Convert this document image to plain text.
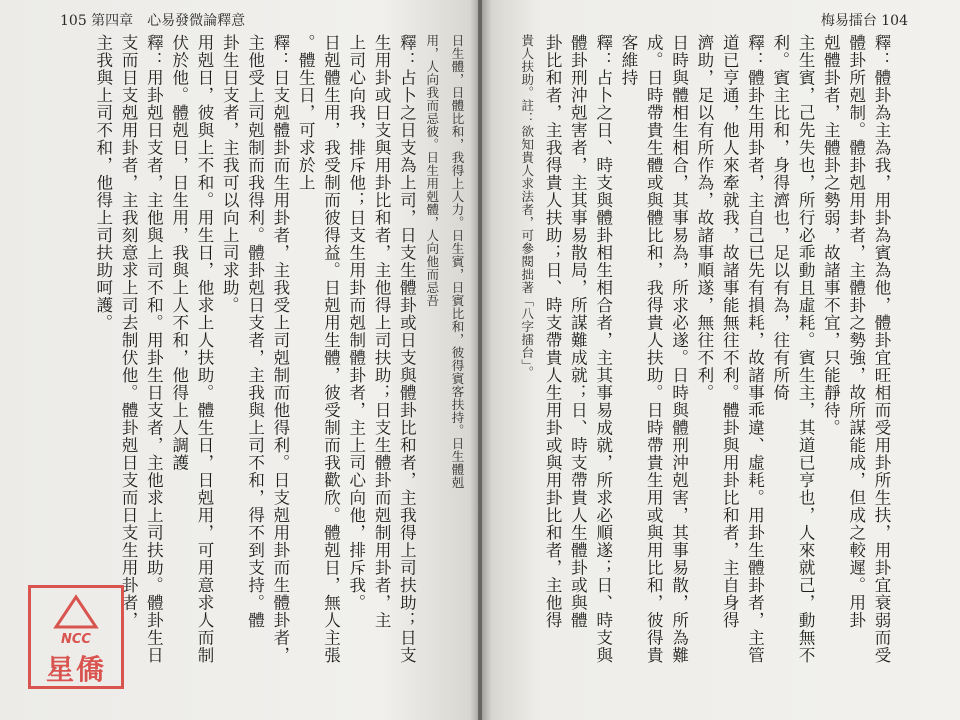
105 第四章　心易發微論釋意
日生體，日體比和，我得上人力。日生賓，日賓比和，彼得賓客扶持。日生體剋
用，人向我而忌彼。日生用剋體，人向他而忌吾
釋：占卜之日支為上司，日支生體卦或日支與體卦比和者，主我得上司扶助；日支
生用卦或日支與用卦比和者，主他得上司扶助；日支生體卦而剋制用卦者，主
上司心向我，排斥他；日支生用卦而剋制體卦者，主上司心向他，排斥我。
日剋體生用，我受制而彼得益。日剋用生體，彼受制而我歡欣。體剋日，無人主張
。體生日，可求於上
釋：日支剋體卦而生用卦者，主我受上司剋制而他得利。日支剋用卦而生體卦者，
主他受上司剋制而我得利。體卦剋日支者，主我與上司不和，得不到支持。體
卦生日支者，主我可以向上司求助。
用剋日，彼與上不和。用生日，他求上人扶助。體生日，日剋用，可用意求人而制
伏於他。體剋日，日生用，我與上人不和，他得上人調護
釋：用卦剋日支者，主他與上司不和。用卦生日支者，主他求上司扶助。體卦生日
支而日支剋用卦者，主我刻意求上司去制伏他。體卦剋日支而日支生用卦者，
主我與上司不和，他得上司扶助呵護。
梅易擂台 104
釋：體卦為主為我，用卦為賓為他，體卦宜旺相而受用卦所生扶，用卦宜衰弱而受
體卦所剋制。體卦剋用卦者，主體卦之勢強，故所謀能成，但成之較遲。用卦
剋體卦者，主體卦之勢弱，故諸事不宜，只能靜待。
主生賓，己先失也，所行必乖動且虛耗。賓生主，其道已亨也，人來就己，動無不
利。賓主比和，身得濟也，足以有為，往有所倚
釋：體卦生用卦者，主自己已先有損耗，故諸事乖違、虛耗。用卦生體卦者，主管
道已亨通，他人來牽就我，故諸事能無往不利。體卦與用卦比和者，主自身得
濟助，足以有所作為，故諸事順遂，無往不利。
日時與體相生相合，其事易為，所求必遂。日時與體刑沖剋害，其事易散，所為難
成。日時帶貴生體或與體比和，我得貴人扶助。日時帶貴生用或與用比和，彼得貴
客維持
釋：占卜之日、時支與體卦相生相合者，主其事易成就，所求必順遂；日、時支與
體卦刑沖剋害者，主其事易散局，所謀難成就；日、時支帶貴人生體卦或與體
卦比和者，主我得貴人扶助；日、時支帶貴人生用卦或與用卦比和者，主他得
貴人扶助。註：欲知貴人求法者，可參閱拙著「八字擂台」。
NCC
星僑
